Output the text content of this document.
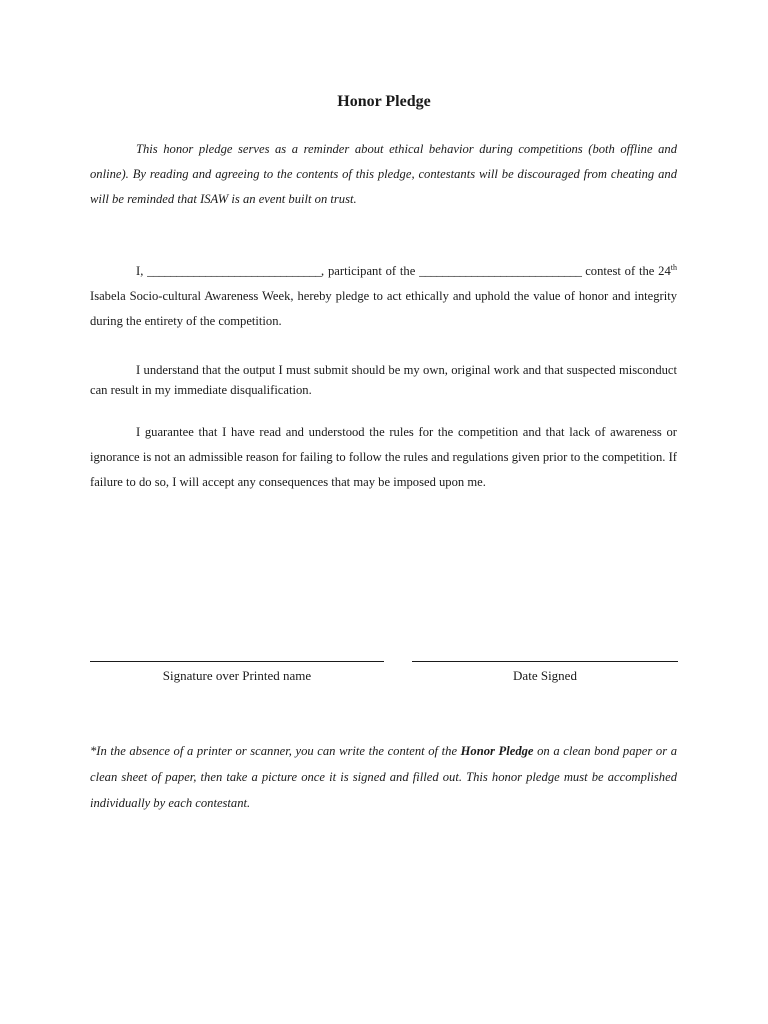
Honor Pledge

This honor pledge serves as a reminder about ethical behavior during competitions (both offline and online). By reading and agreeing to the contents of this pledge, contestants will be discouraged from cheating and will be reminded that ISAW is an event built on trust.

I, ______________________________, participant of the ____________________________ contest of the 24th Isabela Socio-cultural Awareness Week, hereby pledge to act ethically and uphold the value of honor and integrity during the entirety of the competition.

I understand that the output I must submit should be my own, original work and that suspected misconduct can result in my immediate disqualification.

I guarantee that I have read and understood the rules for the competition and that lack of awareness or ignorance is not an admissible reason for failing to follow the rules and regulations given prior to the competition. If failure to do so, I will accept any consequences that may be imposed upon me.

Signature over Printed name	Date Signed

*In the absence of a printer or scanner, you can write the content of the Honor Pledge on a clean bond paper or a clean sheet of paper, then take a picture once it is signed and filled out. This honor pledge must be accomplished individually by each contestant.
